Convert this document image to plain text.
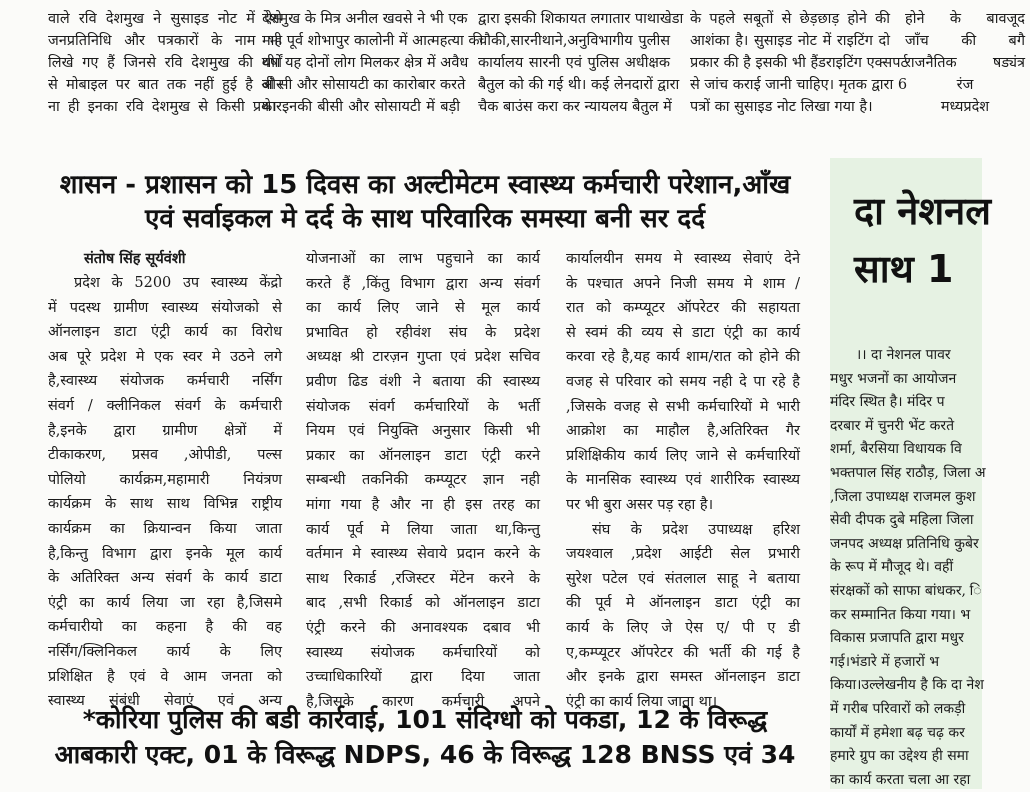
वाले रवि देशमुख ने सुसाइड नोट में ऐसे
जनप्रतिनिधि और पत्रकारों के नाम भी
लिखे गए हैं जिनसे रवि देशमुख की वर्षों
से मोबाइल पर बात तक नहीं हुई है और
ना ही इनका रवि देशमुख से किसी प्रकार
देशमुख के मित्र अनील खवसे ने भी एक
माह पूर्व शोभापुर कालोनी में आत्महत्या की
थी। यह दोनों लोग मिलकर क्षेत्र में अवैध
बी सी और सोसायटी का कारोबार करते
थे। इनकी बीसी और सोसायटी में बड़ी
द्वारा इसकी शिकायत लगातार पाथाखेडा
चौकी,सारनीथाने,अनुविभागीय पुलीस
कार्यालय सारनी एवं पुलिस अधीक्षक
बैतुल को की गई थी। कई लेनदारों द्वारा
चैक बाउंस करा कर न्यायलय बैतुल में
के पहले सबूतों से छेड़छाड़ होने की
आशंका है। सुसाइड नोट में राइटिंग दो
प्रकार की है इसकी भी हैंडराइटिंग एक्सपर्ट
से जांच कराई जानी चाहिए। मृतक द्वारा 6
पत्रों का सुसाइड नोट लिखा गया है।
होने के बावजूद
जाँच की बगै
राजनैतिक षड्यंत्र
रंज
मध्यप्रदेश
शासन - प्रशासन को 15 दिवस का अल्टीमेटम स्वास्थ्य कर्मचारी परेशान,आँख
एवं सर्वाइकल मे दर्द के साथ परिवारिक समस्या बनी सर दर्द
संतोष सिंह सूर्यवंशी
प्रदेश के 5200 उप स्वास्थ्य केंद्रो
में पदस्थ ग्रामीण स्वास्थ्य संयोजको से
ऑनलाइन डाटा एंट्री कार्य का विरोध
अब पूरे प्रदेश मे एक स्वर मे उठने लगे
है,स्वास्थ्य संयोजक कर्मचारी नर्सिंग
संवर्ग / क्लीनिकल संवर्ग के कर्मचारी
है,इनके द्वारा ग्रामीण क्षेत्रों में
टीकाकरण, प्रसव ,ओपीडी, पल्स
पोलियो कार्यक्रम,महामारी नियंत्रण
कार्यक्रम के साथ साथ विभिन्न राष्ट्रीय
कार्यक्रम का क्रियान्वन किया जाता
है,किन्तु विभाग द्वारा इनके मूल कार्य
के अतिरिक्त अन्य संवर्ग के कार्य डाटा
एंट्री का कार्य लिया जा रहा है,जिसमे
कर्मचारीयो का कहना है की वह
नर्सिंग/क्लिनिकल कार्य के लिए
प्रशिक्षित है एवं वे आम जनता को
स्वास्थ्य संबंधी सेवाएं एवं अन्य
योजनाओं का लाभ पहुचाने का कार्य
करते हैं ,किंतु विभाग द्वारा अन्य संवर्ग
का कार्य लिए जाने से मूल कार्य
प्रभावित हो रहीवंश संघ के प्रदेश
अध्यक्ष श्री टारज़न गुप्ता एवं प्रदेश सचिव
प्रवीण ढिड वंशी ने बताया की स्वास्थ्य
संयोजक संवर्ग कर्मचारियों के भर्ती
नियम एवं नियुक्ति अनुसार किसी भी
प्रकार का ऑनलाइन डाटा एंट्री करने
सम्बन्धी तकनिकी कम्प्यूटर ज्ञान नही
मांगा गया है और ना ही इस तरह का
कार्य पूर्व मे लिया जाता था,किन्तु
वर्तमान मे स्वास्थ्य सेवाये प्रदान करने के
साथ रिकार्ड ,रजिस्टर मेंटेन करने के
बाद ,सभी रिकार्ड को ऑनलाइन डाटा
एंट्री करने की अनावश्यक दबाव भी
स्वास्थ्य संयोजक कर्मचारियों को
उच्चाधिकारियों द्वारा दिया जाता
है,जिसके कारण कर्मचारी अपने
कार्यालयीन समय मे स्वास्थ्य सेवाएं देने
के पश्चात अपने निजी समय मे शाम /
रात को कम्प्यूटर ऑपरेटर की सहायता
से स्वमं की व्यय से डाटा एंट्री का कार्य
करवा रहे है,यह कार्य शाम/रात को होने की
वजह से परिवार को समय नही दे पा रहे है
,जिसके वजह से सभी कर्मचारियों मे भारी
आक्रोश का माहौल है,अतिरिक्त गैर
प्रशिक्षिकीय कार्य लिए जाने से कर्मचारियों
के मानसिक स्वास्थ्य एवं शारीरिक स्वास्थ्य
पर भी बुरा असर पड़ रहा है।
संघ के प्रदेश उपाध्यक्ष हरिश
जयश्वाल ,प्रदेश आईटी सेल प्रभारी
सुरेश पटेल एवं संतलाल साहू ने बताया
की पूर्व मे ऑनलाइन डाटा एंट्री का
कार्य के लिए जे ऐस ए/ पी ए डी
ए,कम्प्यूटर ऑपरेटर की भर्ती की गई है
और इनके द्वारा समस्त ऑनलाइन डाटा
एंट्री का कार्य लिया जाता था।
दा नेशनल
साथ 1
।। दा नेशनल पावर
मधुर भजनों का आयोजन
मंदिर स्थित है। मंदिर प
दरबार में चुनरी भेंट करते
शर्मा, बैरसिया विधायक वि
भक्तपाल सिंह राठौड़, जिला अ
,जिला उपाध्यक्ष राजमल कुश
सेवी दीपक दुबे महिला जिला
जनपद अध्यक्ष प्रतिनिधि कुबेर
के रूप में मौजूद थे। वहीं
संरक्षकों को साफा बांधकर, ि
कर सम्मानित किया गया। भ
विकास प्रजापति द्वारा मधुर
गई।भंडारे में हजारों भ
किया।उल्लेखनीय है कि दा नेश
में गरीब परिवारों को लकड़ी
कार्यों में हमेशा बढ़ चढ़ कर
हमारे ग्रुप का उद्देश्य ही समा
का कार्य करता चला आ रहा
*कोरिया पुलिस की बडी कार्रवाई, 101 संदिग्धो को पकडा, 12 के विरूद्ध
आबकारी एक्ट, 01 के विरूद्ध NDPS, 46 के विरूद्ध 128 BNSS एवं 34
